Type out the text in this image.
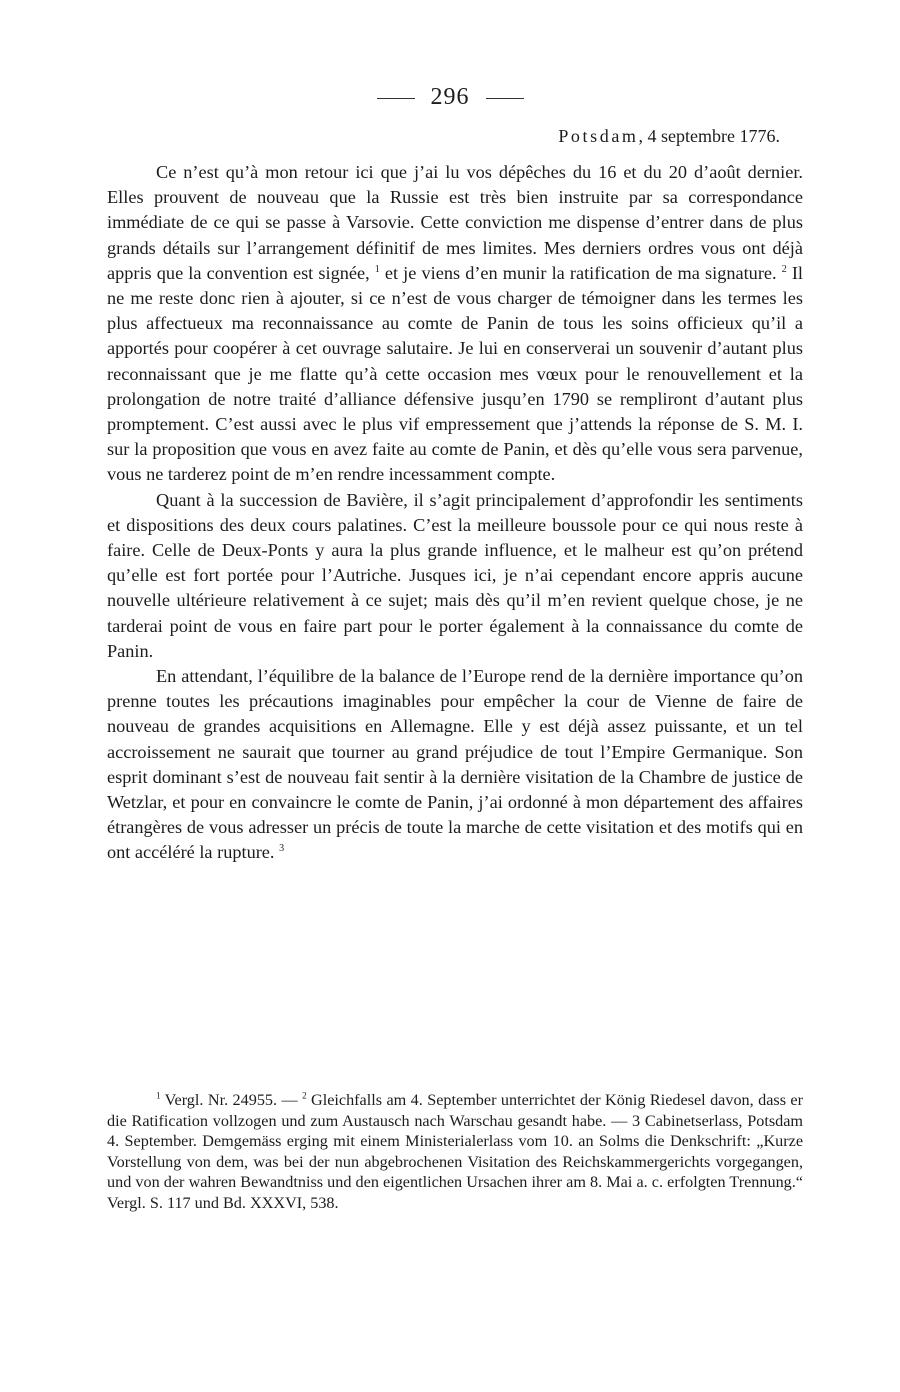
296
Potsdam, 4 septembre 1776.

Ce n’est qu’à mon retour ici que j’ai lu vos dépêches du 16 et du 20 d’août dernier. Elles prouvent de nouveau que la Russie est très bien instruite par sa correspondance immédiate de ce qui se passe à Varsovie. Cette conviction me dispense d’entrer dans de plus grands détails sur l’arrangement définitif de mes limites. Mes derniers ordres vous ont déjà appris que la convention est signée, $^1$ et je viens d’en munir la ratification de ma signature. $^2$ Il ne me reste donc rien à ajouter, si ce n’est de vous charger de témoigner dans les termes les plus affectueux ma reconnaissance au comte de Panin de tous les soins officieux qu’il a apportés pour coopérer à cet ouvrage salutaire. Je lui en conserverai un souvenir d’autant plus reconnaissant que je me flatte qu’à cette occasion mes vœux pour le renouvellement et la prolongation de notre traité d’alliance défensive jusqu’en 1790 se rempliront d’autant plus promptement. C’est aussi avec le plus vif empressement que j’attends la réponse de S. M. I. sur la proposition que vous en avez faite au comte de Panin, et dès qu’elle vous sera parvenue, vous ne tarderez point de m’en rendre incessamment compte.

Quant à la succession de Bavière, il s’agit principalement d’approfondir les sentiments et dispositions des deux cours palatines. C’est la meilleure boussole pour ce qui nous reste à faire. Celle de Deux-Ponts y aura la plus grande influence, et le malheur est qu’on prétend qu’elle est fort portée pour l’Autriche. Jusques ici, je n’ai cependant encore appris aucune nouvelle ultérieure relativement à ce sujet; mais dès qu’il m’en revient quelque chose, je ne tarderai point de vous en faire part pour le porter également à la connaissance du comte de Panin.

En attendant, l’équilibre de la balance de l’Europe rend de la dernière importance qu’on prenne toutes les précautions imaginables pour empêcher la cour de Vienne de faire de nouveau de grandes acquisitions en Allemagne. Elle y est déjà assez puissante, et un tel accroissement ne saurait que tourner au grand préjudice de tout l’Empire Germanique. Son esprit dominant s’est de nouveau fait sentir à la dernière visitation de la Chambre de justice de Wetzlar, et pour en convaincre le comte de Panin, j’ai ordonné à mon département des affaires étrangères de vous adresser un précis de toute la marche de cette visitation et des motifs qui en ont accéléré la rupture. $^3$

$^1$ Vergl. Nr. 24955. — $^2$ Gleichfalls am 4. September unterrichtet der König Riedesel davon, dass er die Ratification vollzogen und zum Austausch nach Warschau gesandt habe. — 3 Cabinetserlass, Potsdam 4. September. Demgemäss erging mit einem Ministerialerlass vom 10. an Solms die Denkschrift: „Kurze Vorstellung von dem, was bei der nun abgebrochenen Visitation des Reichskammergerichts vorgegangen, und von der wahren Bewandtniss und den eigentlichen Ursachen ihrer am 8. Mai a. c. erfolgten Trennung.“ Vergl. S. 117 und Bd. XXXVI, 538.
